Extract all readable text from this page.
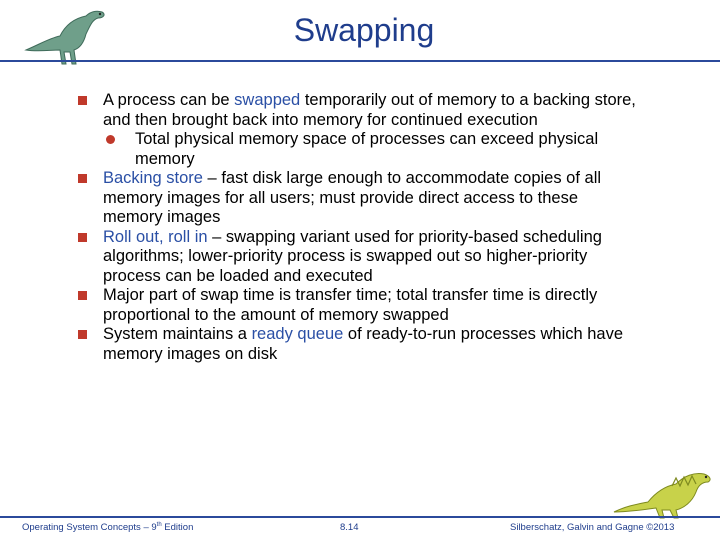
Swapping
A process can be swapped temporarily out of memory to a backing store, and then brought back into memory for continued execution
Total physical memory space of processes can exceed physical memory
Backing store – fast disk large enough to accommodate copies of all memory images for all users; must provide direct access to these memory images
Roll out, roll in – swapping variant used for priority-based scheduling algorithms; lower-priority process is swapped out so higher-priority process can be loaded and executed
Major part of swap time is transfer time; total transfer time is directly proportional to the amount of memory swapped
System maintains a ready queue of ready-to-run processes which have memory images on disk
Operating System Concepts – 9th Edition	8.14	Silberschatz, Galvin and Gagne ©2013
